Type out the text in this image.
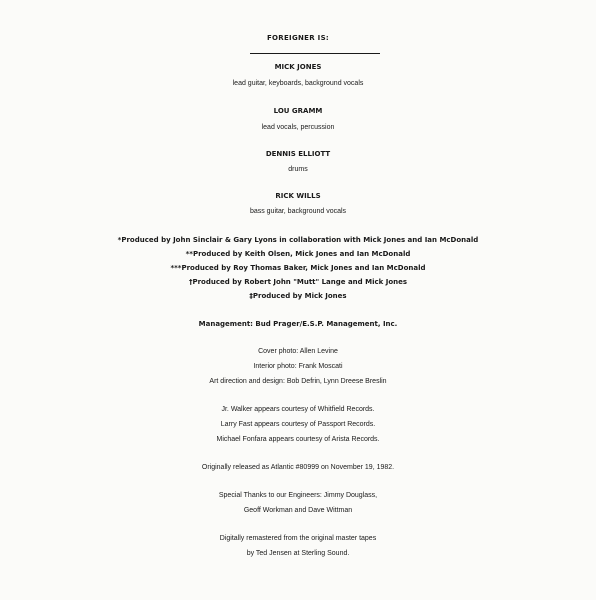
FOREIGNER IS:
MICK JONES
lead guitar, keyboards, background vocals
LOU GRAMM
lead vocals, percussion
DENNIS ELLIOTT
drums
RICK WILLS
bass guitar, background vocals
*Produced by John Sinclair & Gary Lyons in collaboration with Mick Jones and Ian McDonald
**Produced by Keith Olsen, Mick Jones and Ian McDonald
***Produced by Roy Thomas Baker, Mick Jones and Ian McDonald
†Produced by Robert John "Mutt" Lange and Mick Jones
‡Produced by Mick Jones
Management: Bud Prager/E.S.P. Management, Inc.
Cover photo: Allen Levine
Interior photo: Frank Moscati
Art direction and design: Bob Defrin, Lynn Dreese Breslin
Jr. Walker appears courtesy of Whitfield Records.
Larry Fast appears courtesy of Passport Records.
Michael Fonfara appears courtesy of Arista Records.
Originally released as Atlantic #80999 on November 19, 1982.
Special Thanks to our Engineers: Jimmy Douglass,
Geoff Workman and Dave Wittman
Digitally remastered from the original master tapes
by Ted Jensen at Sterling Sound.
